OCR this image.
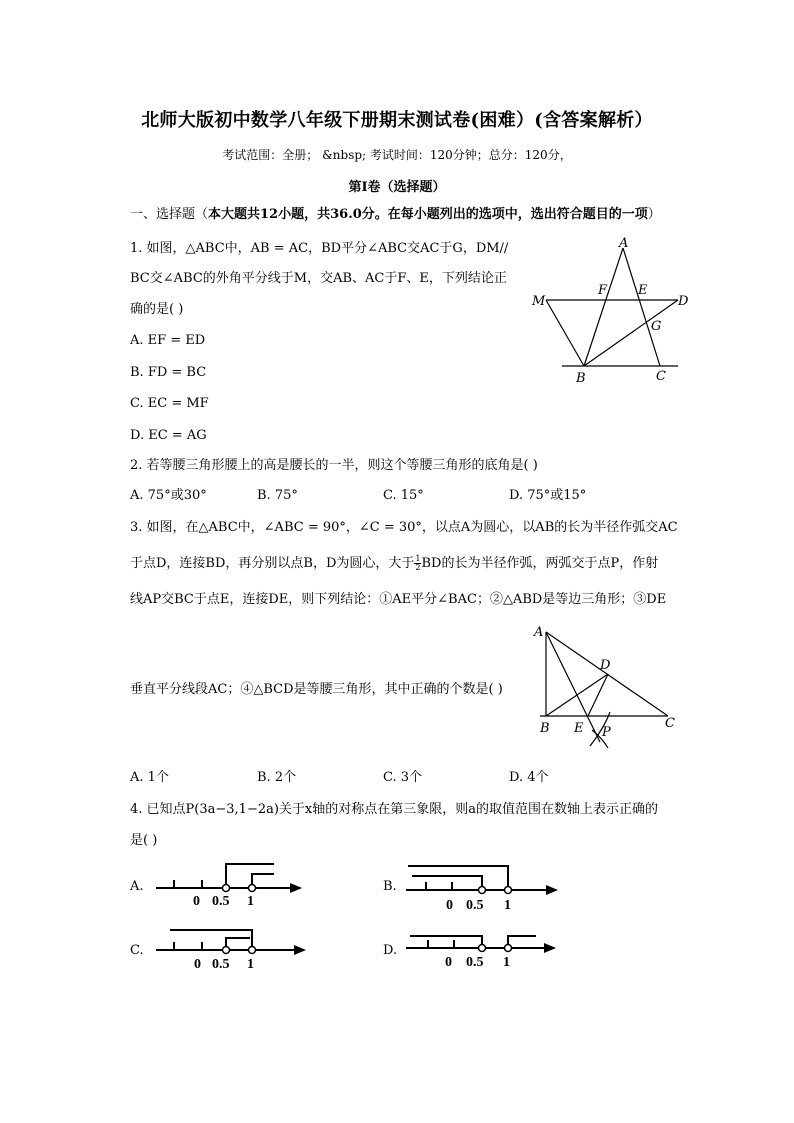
北师大版初中数学八年级下册期末测试卷(困难）(含答案解析）
考试范围：全册； &nbsp; 考试时间：120分钟；总分：120分，
第Ⅰ卷（选择题）
一、选择题（本大题共12小题，共36.0分。在每小题列出的选项中，选出符合题目的一项）
1. 如图，△ABC中，AB = AC，BD平分∠ABC交AC于G，DM//
BC交∠ABC的外角平分线于M，交AB、AC于F、E，下列结论正
确的是( )
A. EF = ED
B. FD = BC
C. EC = MF
D. EC = AG
A
M
F E
D
G
B	C
2. 若等腰三角形腰上的高是腰长的一半，则这个等腰三角形的底角是( )
A. 75°或30°	B. 75°	C. 15°	D. 75°或15°
3. 如图，在△ABC中，∠ABC = 90°，∠C = 30°，以点A为圆心，以AB的长为半径作弧交AC
于点D，连接BD，再分别以点B，D为圆心，大于 $\frac{1}{2}$ BD的长为半径作弧，两弧交于点P，作射
线AP交BC于点E，连接DE，则下列结论：①AE平分∠BAC；②△ABD是等边三角形；③DE
垂直平分线段AC；④△BCD是等腰三角形，其中正确的个数是( )
A. 1个	B. 2个	C. 3个	D. 4个
A
D
B E P
C
4. 已知点P(3a−3,1−2a)关于x轴的对称点在第三象限，则a的取值范围在数轴上表示正确的
是( )
A.
0 0.5 1
B.
0 0.5 1
C.
0 0.5 1
D.
0 0.5 1
